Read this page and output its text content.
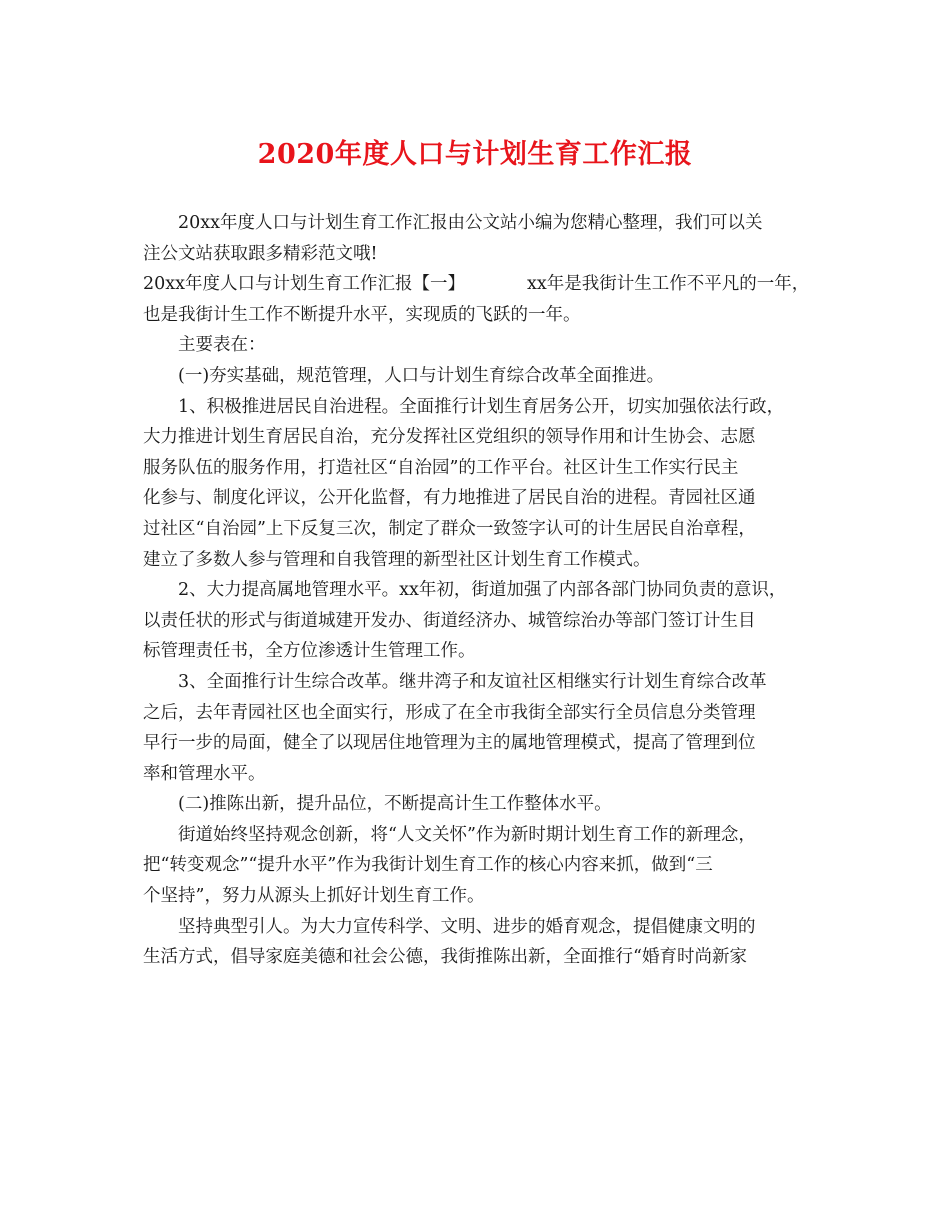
2020年度人口与计划生育工作汇报

20xx年度人口与计划生育工作汇报由公文站小编为您精心整理，我们可以关

注公文站获取跟多精彩范文哦!

20xx年度人口与计划生育工作汇报【一】	xx年是我街计生工作不平凡的一年，

也是我街计生工作不断提升水平，实现质的飞跃的一年。

主要表在：

(一)夯实基础，规范管理，人口与计划生育综合改革全面推进。

1、积极推进居民自治进程。全面推行计划生育居务公开，切实加强依法行政，

大力推进计划生育居民自治，充分发挥社区党组织的领导作用和计生协会、志愿

服务队伍的服务作用，打造社区“自治园”的工作平台。社区计生工作实行民主

化参与、制度化评议，公开化监督，有力地推进了居民自治的进程。青园社区通

过社区“自治园”上下反复三次，制定了群众一致签字认可的计生居民自治章程，

建立了多数人参与管理和自我管理的新型社区计划生育工作模式。

2、大力提高属地管理水平。xx年初，街道加强了内部各部门协同负责的意识，

以责任状的形式与街道城建开发办、街道经济办、城管综治办等部门签订计生目

标管理责任书，全方位渗透计生管理工作。

3、全面推行计生综合改革。继井湾子和友谊社区相继实行计划生育综合改革

之后，去年青园社区也全面实行，形成了在全市我街全部实行全员信息分类管理

早行一步的局面，健全了以现居住地管理为主的属地管理模式，提高了管理到位

率和管理水平。

(二)推陈出新，提升品位，不断提高计生工作整体水平。

街道始终坚持观念创新，将“人文关怀”作为新时期计划生育工作的新理念，

把“转变观念”“提升水平”作为我街计划生育工作的核心内容来抓，做到“三

个坚持”，努力从源头上抓好计划生育工作。

坚持典型引人。为大力宣传科学、文明、进步的婚育观念，提倡健康文明的

生活方式，倡导家庭美德和社会公德，我街推陈出新，全面推行“婚育时尚新家
